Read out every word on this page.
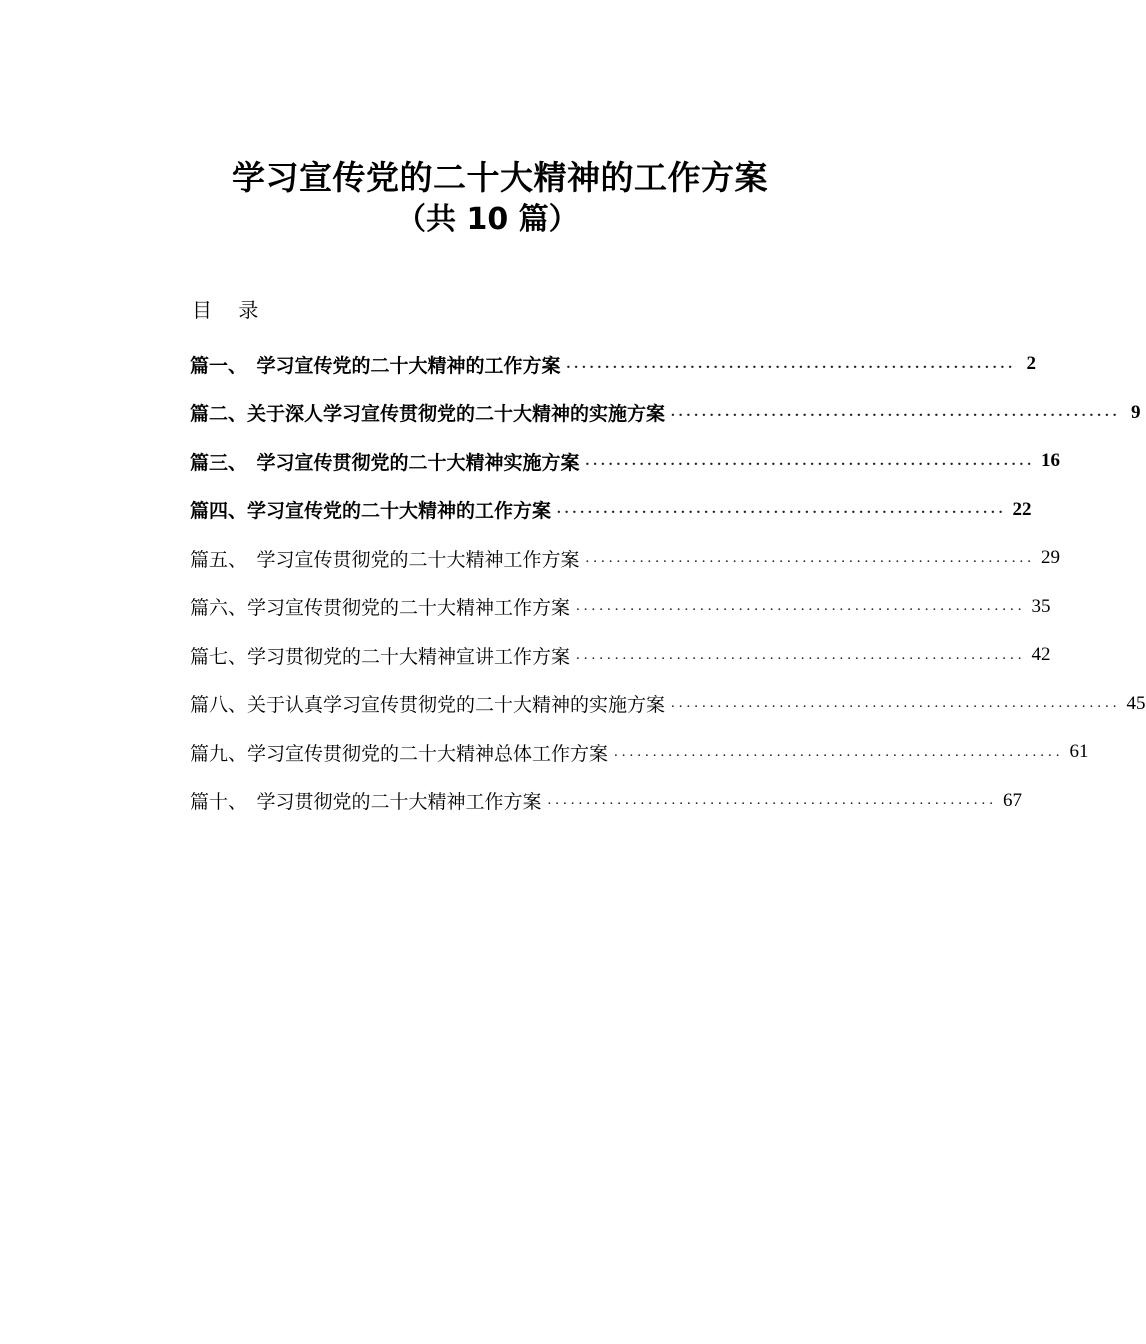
学习宣传党的二十大精神的工作方案
（共 10 篇）
目 录
篇一、　学习宣传党的二十大精神的工作方案 .......................................................... 2
篇二、关于深人学习宣传贯彻党的二十大精神的实施方案 .......................................................... 9
篇三、　学习宣传贯彻党的二十大精神实施方案 .......................................................... 16
篇四、学习宣传党的二十大精神的工作方案 .......................................................... 22
篇五、　学习宣传贯彻党的二十大精神工作方案 .......................................................... 29
篇六、学习宣传贯彻党的二十大精神工作方案 .......................................................... 35
篇七、学习贯彻党的二十大精神宣讲工作方案 .......................................................... 42
篇八、关于认真学习宣传贯彻党的二十大精神的实施方案 .......................................................... 45
篇九、学习宣传贯彻党的二十大精神总体工作方案 .......................................................... 61
篇十、　学习贯彻党的二十大精神工作方案 .......................................................... 67
